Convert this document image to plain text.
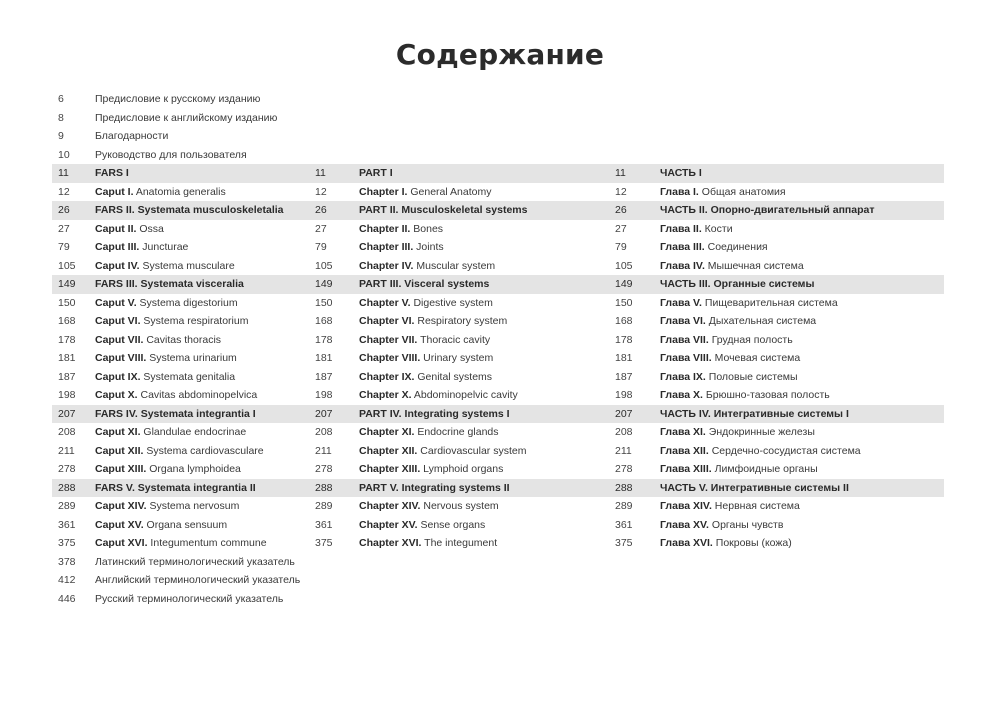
Содержание
6	Предисловие к русскому изданию
8	Предисловие к английскому изданию
9	Благодарности
10	Руководство для пользователя
11	FARS I	11	PART I	11	ЧАСТЬ I
12	Caput I. Anatomia generalis	12	Chapter I. General Anatomy	12	Глава I. Общая анатомия
26	FARS II. Systemata musculoskeletalia	26	PART II. Musculoskeletal systems	26	ЧАСТЬ II. Опорно-двигательный аппарат
27	Caput II. Ossa	27	Chapter II. Bones	27	Глава II. Кости
79	Caput III. Juncturae	79	Chapter III. Joints	79	Глава III. Соединения
105	Caput IV. Systema musculare	105	Chapter IV. Muscular system	105	Глава IV. Мышечная система
149	FARS III. Systemata visceralia	149	PART III. Visceral systems	149	ЧАСТЬ III. Органные системы
150	Caput V. Systema digestorium	150	Chapter V. Digestive system	150	Глава V. Пищеварительная система
168	Caput VI. Systema respiratorium	168	Chapter VI. Respiratory system	168	Глава VI. Дыхательная система
178	Caput VII. Cavitas thoracis	178	Chapter VII. Thoracic cavity	178	Глава VII. Грудная полость
181	Caput VIII. Systema urinarium	181	Chapter VIII. Urinary system	181	Глава VIII. Мочевая система
187	Caput IX. Systemata genitalia	187	Chapter IX. Genital systems	187	Глава IX. Половые системы
198	Caput X. Cavitas abdominopelvica	198	Chapter X. Abdominopelvic cavity	198	Глава X. Брюшно-тазовая полость
207	FARS IV. Systemata integrantia I	207	PART IV. Integrating systems I	207	ЧАСТЬ IV. Интегративные системы I
208	Caput XI. Glandulae endocrinae	208	Chapter XI. Endocrine glands	208	Глава XI. Эндокринные железы
211	Caput XII. Systema cardiovasculare	211	Chapter XII. Cardiovascular system	211	Глава XII. Сердечно-сосудистая система
278	Caput XIII. Organa lymphoidea	278	Chapter XIII. Lymphoid organs	278	Глава XIII. Лимфоидные органы
288	FARS V. Systemata integrantia II	288	PART V. Integrating systems II	288	ЧАСТЬ V. Интегративные системы II
289	Caput XIV. Systema nervosum	289	Chapter XIV. Nervous system	289	Глава XIV. Нервная система
361	Caput XV. Organa sensuum	361	Chapter XV. Sense organs	361	Глава XV. Органы чувств
375	Caput XVI. Integumentum commune	375	Chapter XVI. The integument	375	Глава XVI. Покровы (кожа)
378	Латинский терминологический указатель
412	Английский терминологический указатель
446	Русский терминологический указатель
